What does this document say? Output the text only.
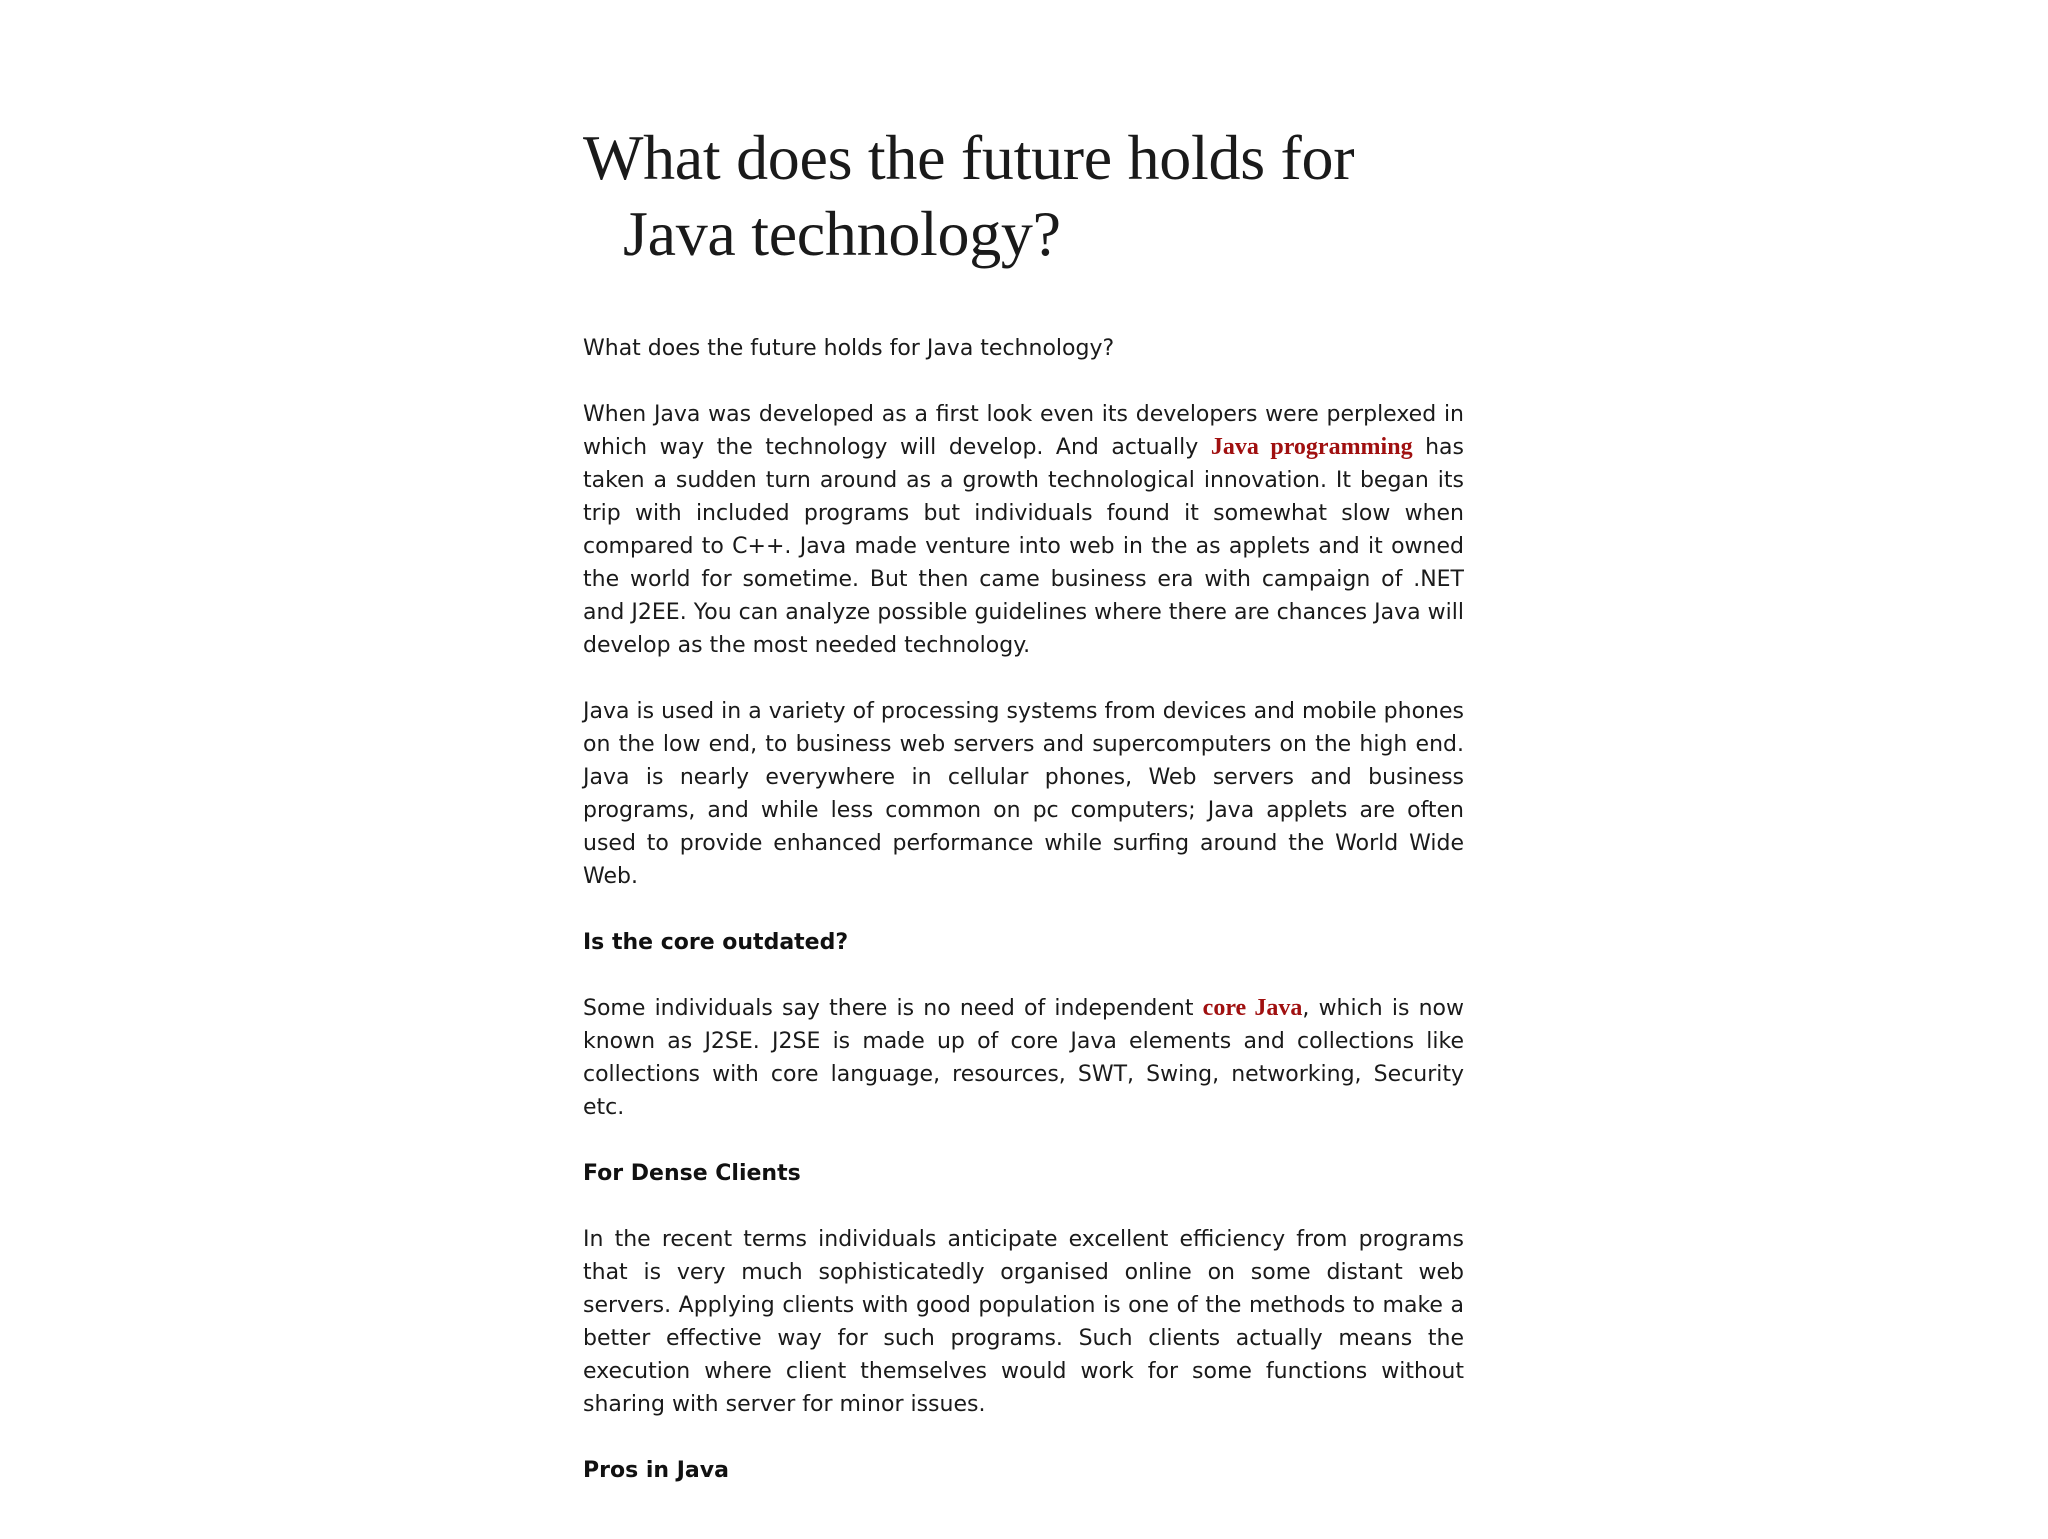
What does the future holds for Java technology?

What does the future holds for Java technology?

When Java was developed as a first look even its developers were perplexed in which way the technology will develop. And actually Java programming has taken a sudden turn around as a growth technological innovation. It began its trip with included programs but individuals found it somewhat slow when compared to C++. Java made venture into web in the as applets and it owned the world for sometime. But then came business era with campaign of .NET and J2EE. You can analyze possible guidelines where there are chances Java will develop as the most needed technology.

Java is used in a variety of processing systems from devices and mobile phones on the low end, to business web servers and supercomputers on the high end. Java is nearly everywhere in cellular phones, Web servers and business programs, and while less common on pc computers; Java applets are often used to provide enhanced performance while surfing around the World Wide Web.

Is the core outdated?

Some individuals say there is no need of independent core Java, which is now known as J2SE. J2SE is made up of core Java elements and collections like collections with core language, resources, SWT, Swing, networking, Security etc.

For Dense Clients

In the recent terms individuals anticipate excellent efficiency from programs that is very much sophisticatedly organised online on some distant web servers. Applying clients with good population is one of the methods to make a better effective way for such programs. Such clients actually means the execution where client themselves would work for some functions without sharing with server for minor issues.

Pros in Java
